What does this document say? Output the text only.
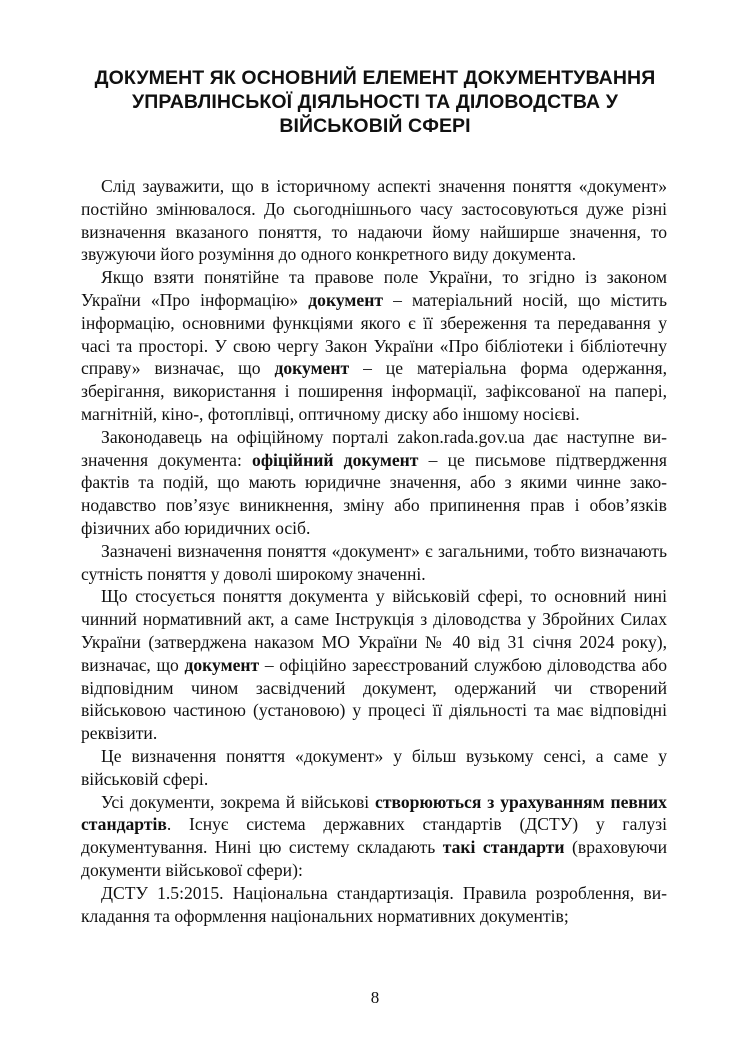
ДОКУМЕНТ ЯК ОСНОВНИЙ ЕЛЕМЕНТ ДОКУМЕНТУВАННЯ
УПРАВЛІНСЬКОЇ ДІЯЛЬНОСТІ ТА ДІЛОВОДСТВА У
ВІЙСЬКОВІЙ СФЕРІ

Слід зауважити, що в історичному аспекті значення поняття «документ» постійно змінювалося. До сьогоднішнього часу застосовуються дуже різні визначення вказаного поняття, то надаючи йому найширше значення, то звужуючи його розуміння до одного конкретного виду документа.

Якщо взяти понятійне та правове поле України, то згідно із законом України «Про інформацію» документ – матеріальний носій, що містить інформацію, основними функціями якого є її збереження та передавання у часі та просторі. У свою чергу Закон України «Про бібліотеки і бібліотечну справу» визначає, що документ – це матеріальна форма одержання, зберігання, використання і поширення інформації, зафіксованої на папері, магнітній, кіно-, фотоплівці, оптичному диску або іншому носієві.

Законодавець на офіційному порталі zakon.rada.gov.ua дає наступне визначення документа: офіційний документ – це письмове підтвердження фактів та подій, що мають юридичне значення, або з якими чинне законодавство пов’язує виникнення, зміну або припинення прав і обов’язків фізичних або юридичних осіб.

Зазначені визначення поняття «документ» є загальними, тобто визначають сутність поняття у доволі широкому значенні.

Що стосується поняття документа у військовій сфері, то основний нині чинний нормативний акт, а саме Інструкція з діловодства у Збройних Силах України (затверджена наказом МО України № 40 від 31 січня 2024 року), визначає, що документ – офіційно зареєстрований службою діловодства або відповідним чином засвідчений документ, одержаний чи створений військовою частиною (установою) у процесі її діяльності та має відповідні реквізити.

Це визначення поняття «документ» у більш вузькому сенсі, а саме у військовій сфері.

Усі документи, зокрема й військові створюються з урахуванням певних стандартів. Існує система державних стандартів (ДСТУ) у галузі документування. Нині цю систему складають такі стандарти (враховуючи документи військової сфери):

ДСТУ 1.5:2015. Національна стандартизація. Правила розроблення, викладання та оформлення національних нормативних документів;

8
